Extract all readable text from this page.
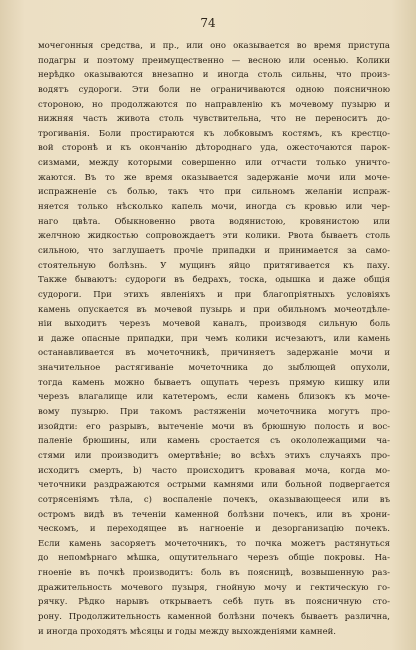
74
мочегонныя средства, и пр., или оно оказывается во время приступа
подагры и поэтому преимущественно — весною или осенью. Колики
нерѣдко оказываются внезапно и иногда столь сильны, что произ-
водятъ судороги. Эти боли не ограничиваются одною поясничною
стороною, но продолжаются по направленію къ мочевому пузырю и
нижняя часть живота столь чувствительна, что не переноситъ до-
трогиванія. Боли простираются къ лобковымъ костямъ, къ крестцо-
вой сторонѣ и къ окончанію дѣтороднаго уда, ожесточаются парок-
сизмами, между которыми совершенно или отчасти только уничто-
жаются. Въ то же время оказывается задержаніе мочи или моче-
испражненіе съ болью, такъ что при сильномъ желаніи испраж-
няется только нѣсколько капель мочи, иногда съ кровью или чер-
наго цвѣта. Обыкновенно рвота водянистою, кровянистою или
желчною жидкостью сопровождаетъ эти колики. Рвота бываетъ столь
сильною, что заглушаетъ прочіе припадки и принимается за само-
стоятельную болѣзнь. У мущинъ яйцо притягивается къ паху.
Также бываютъ: судороги въ бедрахъ, тоска, одышка и даже общія
судороги. При этихъ явленіяхъ и при благопріятныхъ условіяхъ
камень опускается въ мочевой пузырь и при обильномъ мочеотдѣле-
ніи выходитъ черезъ мочевой каналъ, производя сильную боль
и даже опасные припадки, при чемъ колики исчезаютъ, или камень
останавливается въ мочеточникѣ, причиняетъ задержаніе мочи и
значительное растягиваніе мочеточника до зыблющей опухоли,
тогда камень можно бываетъ ощупать черезъ прямую кишку или
черезъ влагалище или катетеромъ, если камень близокъ къ моче-
вому пузырю. При такомъ растяженіи мочеточника могутъ про-
изойдти: его разрывъ, вытеченіе мочи въ брюшную полость и вос-
паленіе брюшины, или камень сростается съ окололежащими ча-
стями или производитъ омертвѣніе; во всѣхъ этихъ случаяхъ про-
исходитъ смерть, b) часто происходитъ кровавая моча, когда мо-
четочники раздражаются острыми камнями или больной подвергается
сотрясеніямъ тѣла, c) воспаленіе почекъ, оказывающееся или въ
остромъ видѣ въ теченіи каменной болѣзни почекъ, или въ хрони-
ческомъ, и переходящее въ нагноеніе и дезорганизацію почекъ.
Если камень засоряетъ мочеточникъ, то почка можетъ растянуться
до непомѣрнаго мѣшка, ощутительнаго черезъ общіе покровы. На-
гноеніе въ почкѣ производитъ: боль въ поясницѣ, возвышенную раз-
дражительность мочевого пузыря, гнойную мочу и гектическую го-
рячку. Рѣдко нарывъ открываетъ себѣ путь въ поясничную сто-
рону. Продолжительность каменной болѣзни почекъ бываетъ различна,
и иногда проходятъ мѣсяцы и годы между выхожденіями камней.
